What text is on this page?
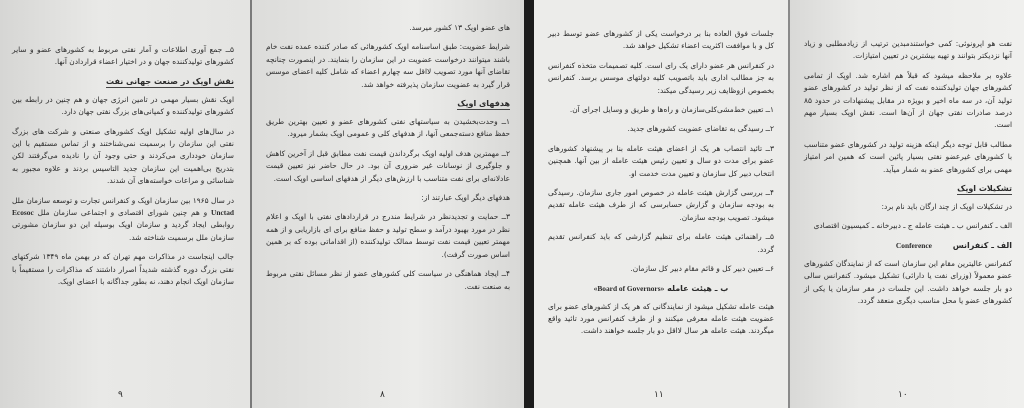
۵ــ جمع آوری اطلاعات و آمار نفتی مربوط به کشورهای عضو و سایر کشورهای تولیدکننده جهان و در اختیار اعضاء قراردادن آنها.

نقش اوپک در صنعت جهانی نفت

اوپک نقش بسیار مهمی در تامین انرژی جهان و هم چنین در رابطه بین کشورهای تولیدکننده و کمپانی‌های بزرگ نفتی جهان دارد.

در سال‌های اولیه تشکیل اوپک کشورهای صنعتی و شرکت های بزرگ نفتی این سازمان را برسمیت نمی‌شناختند و از تماس مستقیم با این سازمان خودداری می‌کردند و حتی وجود آن را نادیده می‌گرفتند لکن بتدریج بی‌اهمیت این سازمان جدید التاسیس بردند و علاوه مجبور به شناسائی و مراعات خواسته‌های آن شدند.

در سال ۱۹۶۵ بین سازمان اوپک و کنفرانس تجارت و توسعه سازمان ملل Unctad و هم چنین شورای اقتصادی و اجتماعی سازمان ملل Ecosoc روابطی ایجاد گردید و سازمان اوپک بوسیله این دو سازمان مشورتی سازمان ملل برسمیت شناخته شد.

جالب اینجاست در مذاکرات مهم تهران که در بهمن ماه ۱۳۴۹ شرکتهای نفتی بزرگ دوره گذشته شدیداً اصرار داشتند که مذاکرات را مستقیماً با سازمان اوپک انجام دهند، نه بطور جداگانه با اعضای اوپک.

۹

های عضو اوپک ۱۳ کشور میرسد.

شرایط عضویت: طبق اساسنامه اوپک کشورهائی که صادر کننده عمده نفت خام باشند میتوانند درخواست عضویت در این سازمان را بنمایند. در اینصورت چنانچه تقاضای آنها مورد تصویب لااقل سه چهارم اعضاء که شامل کلیه اعضای موسس قرار گیرد به عضویت سازمان پذیرفته خواهد شد.

هدفهای اوپک

۱ــ وحدت‌بخشیدن به سیاستهای نفتی کشورهای عضو و تعیین بهترین طریق حفظ منافع دسته‌جمعی آنها، از هدفهای کلی و عمومی اوپک بشمار میرود.

۲ــ مهمترین هدف اولیه اوپک برگرداندن قیمت نفت مطابق قبل از آخرین کاهش و جلوگیری از نوسانات غیر ضروری آن بود. در حال حاضر نیز تعیین قیمت عادلانه‌ای برای نفت متناسب با ارزش‌های دیگر از هدفهای اساسی اوپک است.

هدفهای دیگر اوپک عبارتند از:

۳ــ حمایت و تجدیدنظر در شرایط مندرج در قراردادهای نفتی با اوپک و اعلام نظر در مورد بهبود درآمد و سطح تولید و حفظ منافع برای ای بازاریابی و از همه مهمتر تعیین قیمت نفت توسط ممالک تولیدکننده (از اقداماتی بوده که بر همین اساس صورت گرفت).

۴ــ ایجاد هماهنگی در سیاست کلی کشورهای عضو از نظر مسائل نفتی مربوط به صنعت نفت.

۸

جلسات فوق العاده بنا بر درخواست یکی از کشورهای عضو توسط دبیر کل و با موافقت اکثریت اعضاء تشکیل خواهد شد.

در کنفرانس هر عضو دارای یک رای است. کلیه تصمیمات متخذه کنفرانس به جز مطالب اداری باید باتصویب کلیه دولتهای موسس برسد. کنفرانس بخصوص ازوظایف زیر رسیدگی میکند:

۱ــ تعیین خط‌مشی‌کلی‌سازمان و راه‌ها و طریق و وسایل اجرای آن.

۲ــ رسیدگی به تقاضای عضویت کشورهای جدید.

۳ــ تائید انتصاب هر یک از اعضای هیئت عامله بنا بر پیشنهاد کشورهای عضو برای مدت دو سال و تعیین رئیس هیئت عامله از بین آنها. همچنین انتخاب دبیر کل سازمان و تعیین مدت خدمت او.

۴ــ بررسی گزارش هیئت عامله در خصوص امور جاری سازمان. رسیدگی به بودجه سازمان و گزارش حسابرسی که از طرف هیئت عامله تقدیم میشود. تصویب بودجه سازمان.

۵ــ راهنمائی هیئت عامله برای تنظیم گزارشی که باید کنفرانس تقدیم گردد.

۶ــ تعیین دبیر کل و قائم مقام دبیر کل سازمان.

ب ـ هیئت عامله «Board of Governors»

هیئت عامله تشکیل میشود از نمایندگانی که هر یک از کشورهای عضو برای عضویت هیئت عامله معرفی میکنند و از طرف کنفرانس مورد تائید واقع میگردند. هیئت عامله هر سال لااقل دو بار جلسه خواهند داشت.

۱۱

نفت هو اپرونوئی: کمی خواستندمبدین ترتیب از زیادمطلبی و زیاد آنها نزدیکتر بتوانند و تهیه بیشترین در تعیین امتیازات.

علاوه بر ملاحظه میشود که قبلاً هم اشاره شد. اوپک از تمامی کشورهای جهان تولیدکننده نفت که از نظر تولید در کشورهای عضو تولید آن، در سه ماه اخیر و بویژه در مقابل پیشنهادات در حدود ۸۵ درصد صادرات نفتی جهان از آن‌ها است. نقش اوپک بسیار مهم است.

مطالب قابل توجه دیگر اینکه هزینه تولید در کشورهای عضو متناسب با کشورهای غیرعضو نفتی بسیار پائین است که همین امر امتیاز مهمی برای کشورهای عضو به شمار میآید.

تشکیلات اوپک

در تشکیلات اوپک از چند ارگان باید نام برد:

الف ـ کنفرانس ب ـ هیئت عامله ج ـ دبیرخانه ـ کمیسیون اقتصادی

الف ـ کنفرانس Conference

کنفرانس عالیترین مقام این سازمان است که از نمایندگان کشورهای عضو معمولاً (وزرای نفت یا دارائی) تشکیل میشود. کنفرانس سالی دو بار جلسه خواهد داشت. این جلسات در مقر سازمان یا یکی از کشورهای عضو یا محل مناسب دیگری منعقد گردد.

۱۰
